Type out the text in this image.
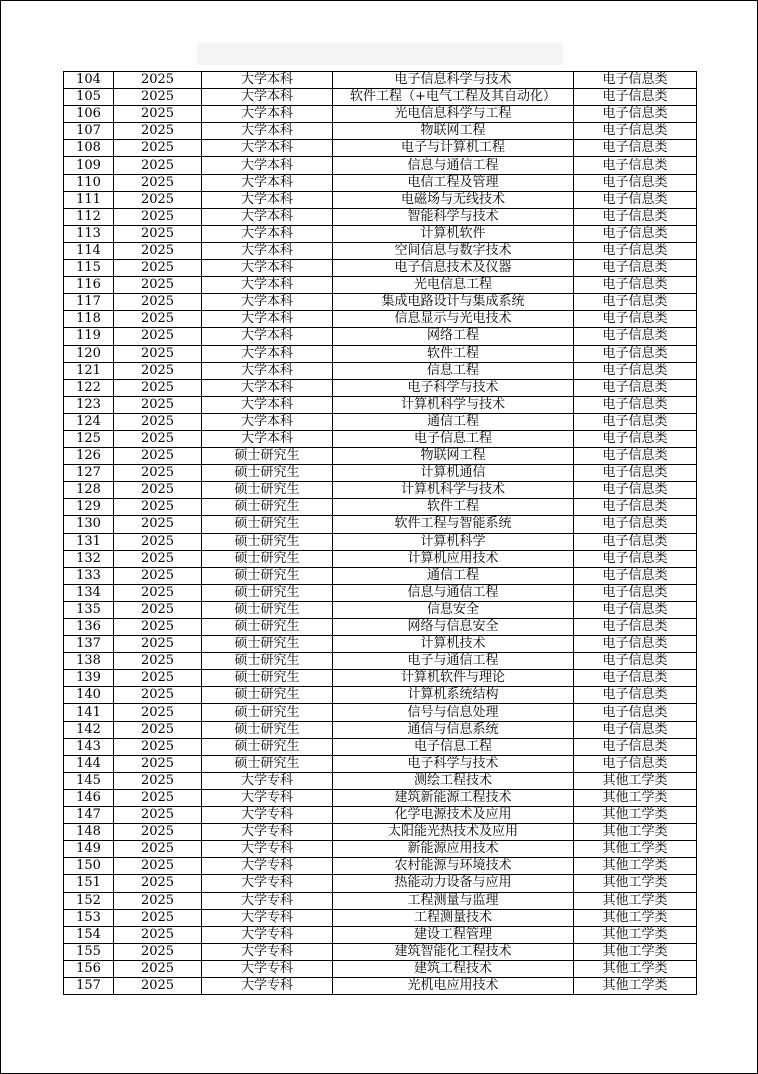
104	2025	大学本科	电子信息科学与技术	电子信息类
105	2025	大学本科	软件工程（+电气工程及其自动化）	电子信息类
106	2025	大学本科	光电信息科学与工程	电子信息类
107	2025	大学本科	物联网工程	电子信息类
108	2025	大学本科	电子与计算机工程	电子信息类
109	2025	大学本科	信息与通信工程	电子信息类
110	2025	大学本科	电信工程及管理	电子信息类
111	2025	大学本科	电磁场与无线技术	电子信息类
112	2025	大学本科	智能科学与技术	电子信息类
113	2025	大学本科	计算机软件	电子信息类
114	2025	大学本科	空间信息与数字技术	电子信息类
115	2025	大学本科	电子信息技术及仪器	电子信息类
116	2025	大学本科	光电信息工程	电子信息类
117	2025	大学本科	集成电路设计与集成系统	电子信息类
118	2025	大学本科	信息显示与光电技术	电子信息类
119	2025	大学本科	网络工程	电子信息类
120	2025	大学本科	软件工程	电子信息类
121	2025	大学本科	信息工程	电子信息类
122	2025	大学本科	电子科学与技术	电子信息类
123	2025	大学本科	计算机科学与技术	电子信息类
124	2025	大学本科	通信工程	电子信息类
125	2025	大学本科	电子信息工程	电子信息类
126	2025	硕士研究生	物联网工程	电子信息类
127	2025	硕士研究生	计算机通信	电子信息类
128	2025	硕士研究生	计算机科学与技术	电子信息类
129	2025	硕士研究生	软件工程	电子信息类
130	2025	硕士研究生	软件工程与智能系统	电子信息类
131	2025	硕士研究生	计算机科学	电子信息类
132	2025	硕士研究生	计算机应用技术	电子信息类
133	2025	硕士研究生	通信工程	电子信息类
134	2025	硕士研究生	信息与通信工程	电子信息类
135	2025	硕士研究生	信息安全	电子信息类
136	2025	硕士研究生	网络与信息安全	电子信息类
137	2025	硕士研究生	计算机技术	电子信息类
138	2025	硕士研究生	电子与通信工程	电子信息类
139	2025	硕士研究生	计算机软件与理论	电子信息类
140	2025	硕士研究生	计算机系统结构	电子信息类
141	2025	硕士研究生	信号与信息处理	电子信息类
142	2025	硕士研究生	通信与信息系统	电子信息类
143	2025	硕士研究生	电子信息工程	电子信息类
144	2025	硕士研究生	电子科学与技术	电子信息类
145	2025	大学专科	测绘工程技术	其他工学类
146	2025	大学专科	建筑新能源工程技术	其他工学类
147	2025	大学专科	化学电源技术及应用	其他工学类
148	2025	大学专科	太阳能光热技术及应用	其他工学类
149	2025	大学专科	新能源应用技术	其他工学类
150	2025	大学专科	农村能源与环境技术	其他工学类
151	2025	大学专科	热能动力设备与应用	其他工学类
152	2025	大学专科	工程测量与监理	其他工学类
153	2025	大学专科	工程测量技术	其他工学类
154	2025	大学专科	建设工程管理	其他工学类
155	2025	大学专科	建筑智能化工程技术	其他工学类
156	2025	大学专科	建筑工程技术	其他工学类
157	2025	大学专科	光机电应用技术	其他工学类
